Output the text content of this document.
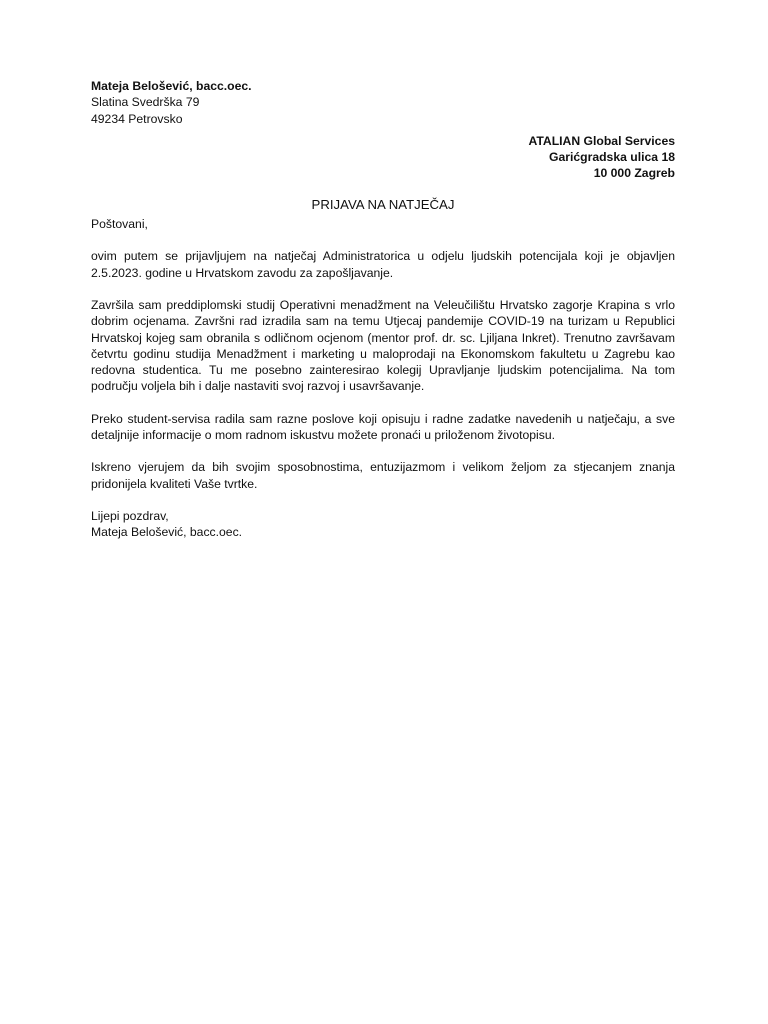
Mateja Belošević, bacc.oec.
Slatina Svedrška 79
49234 Petrovsko
ATALIAN Global Services
Garićgradska ulica 18
10 000 Zagreb
PRIJAVA NA NATJEČAJ
Poštovani,

ovim putem se prijavljujem na natječaj Administratorica u odjelu ljudskih potencijala koji je objavljen 2.5.2023. godine u Hrvatskom zavodu za zapošljavanje.

Završila sam preddiplomski studij Operativni menadžment na Veleučilištu Hrvatsko zagorje Krapina s vrlo dobrim ocjenama. Završni rad izradila sam na temu Utjecaj pandemije COVID-19 na turizam u Republici Hrvatskoj kojeg sam obranila s odličnom ocjenom (mentor prof. dr. sc. Ljiljana Inkret). Trenutno završavam četvrtu godinu studija Menadžment i marketing u maloprodaji na Ekonomskom fakultetu u Zagrebu kao redovna studentica. Tu me posebno zainteresirao kolegij Upravljanje ljudskim potencijalima. Na tom području voljela bih i dalje nastaviti svoj razvoj i usavršavanje.

Preko student-servisa radila sam razne poslove koji opisuju i radne zadatke navedenih u natječaju, a sve detaljnije informacije o mom radnom iskustvu možete pronaći u priloženom životopisu.

Iskreno vjerujem da bih svojim sposobnostima, entuzijazmom i velikom željom za stjecanjem znanja pridonijela kvaliteti Vaše tvrtke.

Lijepi pozdrav,
Mateja Belošević, bacc.oec.
